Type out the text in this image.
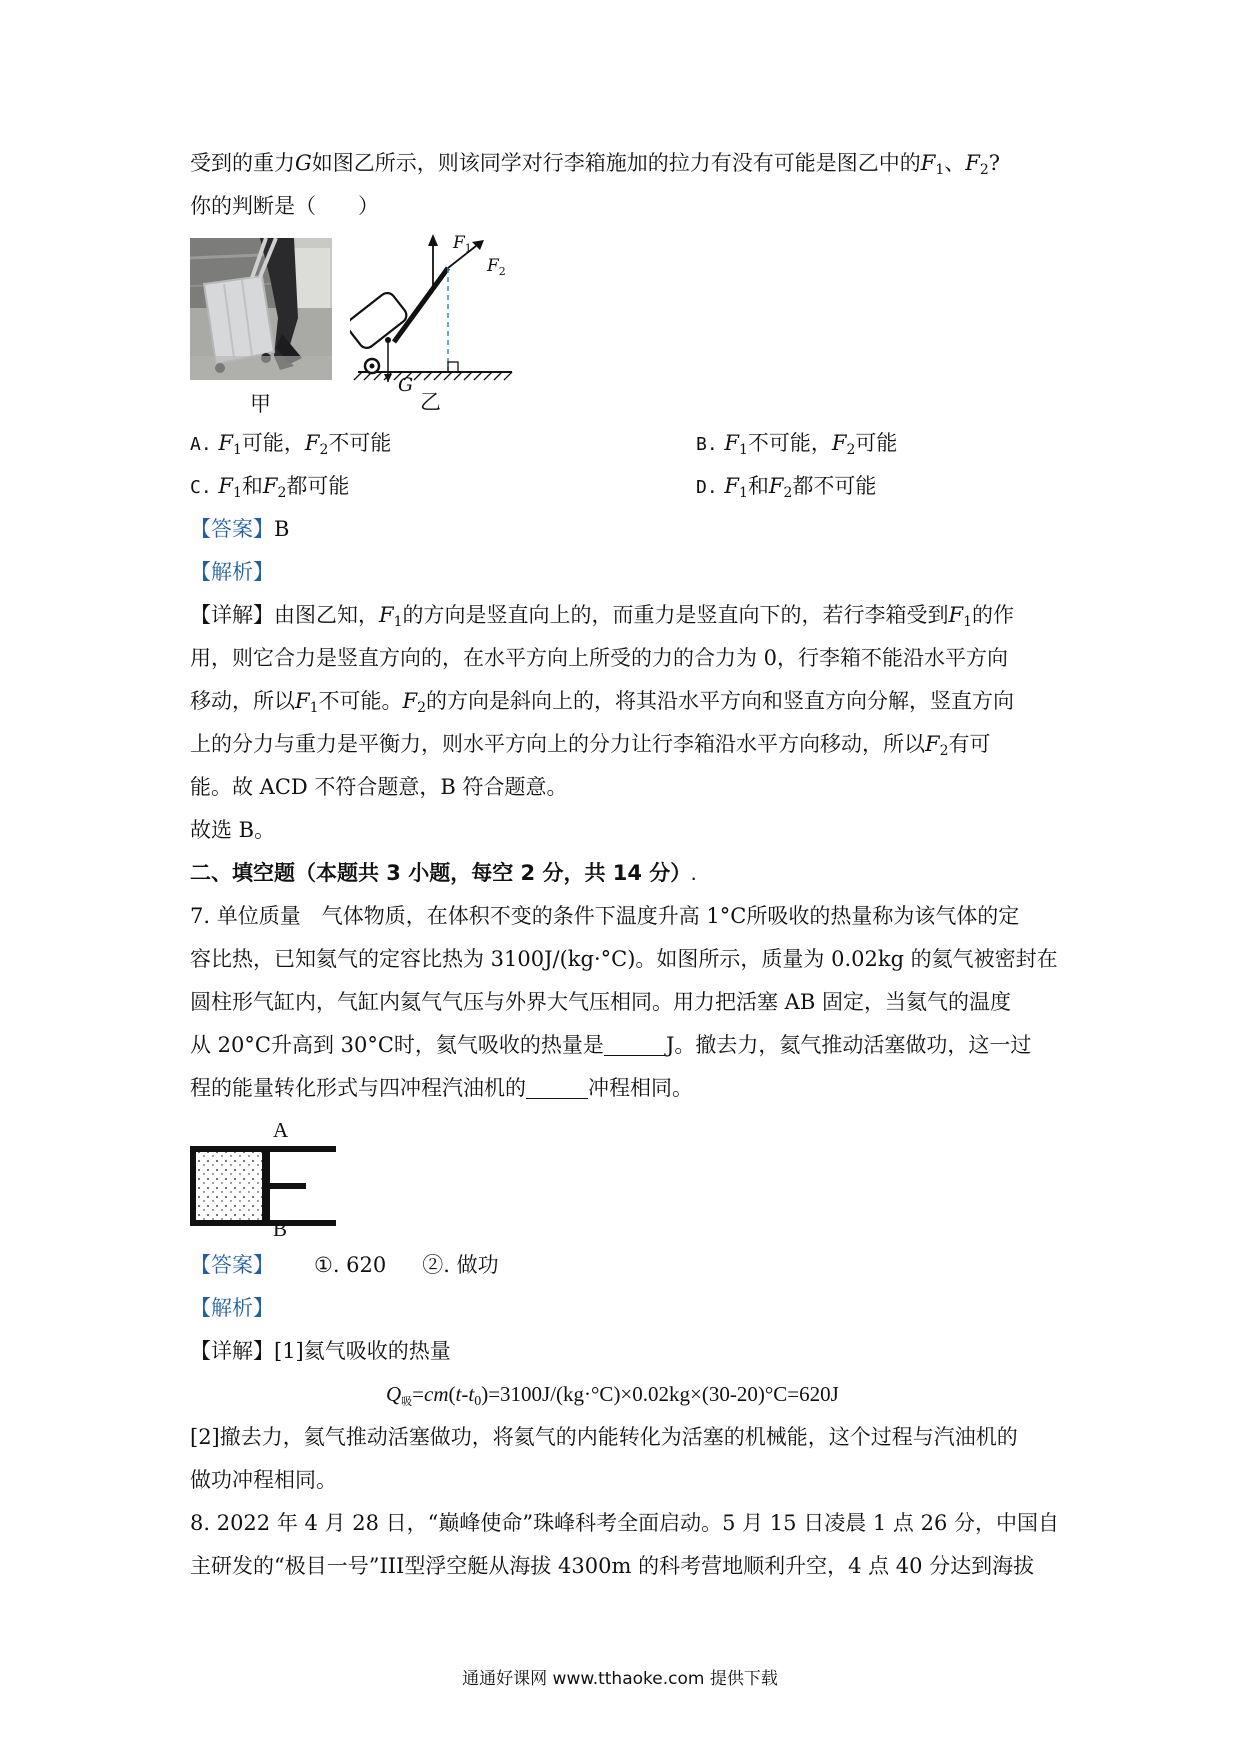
受到的重力G如图乙所示，则该同学对行李箱施加的拉力有没有可能是图乙中的$F_1$、$F_2$?
你的判断是（　　）
甲
$F_1$
$F_2$
G
乙
A. $F_1$可能，$F_2$不可能	B. $F_1$不可能，$F_2$可能
C. $F_1$和$F_2$都可能	D. $F_1$和$F_2$都不可能
【答案】B
【解析】
【详解】由图乙知，$F_1$的方向是竖直向上的，而重力是竖直向下的，若行李箱受到$F_1$的作
用，则它合力是竖直方向的，在水平方向上所受的力的合力为 0，行李箱不能沿水平方向
移动，所以$F_1$不可能。$F_2$的方向是斜向上的，将其沿水平方向和竖直方向分解，竖直方向
上的分力与重力是平衡力，则水平方向上的分力让行李箱沿水平方向移动，所以$F_2$有可
能。故 ACD 不符合题意，B 符合题意。
故选 B。
二、填空题（本题共 3 小题，每空 2 分，共 14 分）.
7. 单位质量　气体物质，在体积不变的条件下温度升高 1°C所吸收的热量称为该气体的定
容比热，已知氦气的定容比热为 3100J/(kg·°C)。如图所示，质量为 0.02kg 的氦气被密封在
圆柱形气缸内，气缸内氦气气压与外界大气压相同。用力把活塞 AB 固定，当氦气的温度
从 20°C升高到 30°C时，氦气吸收的热量是	J。撤去力，氦气推动活塞做功，这一过
程的能量转化形式与四冲程汽油机的	冲程相同。
A
B
【答案】 ①. 620 ②. 做功
【解析】
【详解】[1]氦气吸收的热量
$Q_吸=cm(t-t_0)=3100J/(kg\cdot^\circ C)\times 0.02kg\times(30-20)^\circ C=620J$
[2]撤去力，氦气推动活塞做功，将氦气的内能转化为活塞的机械能，这个过程与汽油机的
做功冲程相同。
8. 2022 年 4 月 28 日，“巅峰使命”珠峰科考全面启动。5 月 15 日凌晨 1 点 26 分，中国自
主研发的“极目一号”III型浮空艇从海拔 4300m 的科考营地顺利升空，4 点 40 分达到海拔
通通好课网 www.tthaoke.com 提供下载
